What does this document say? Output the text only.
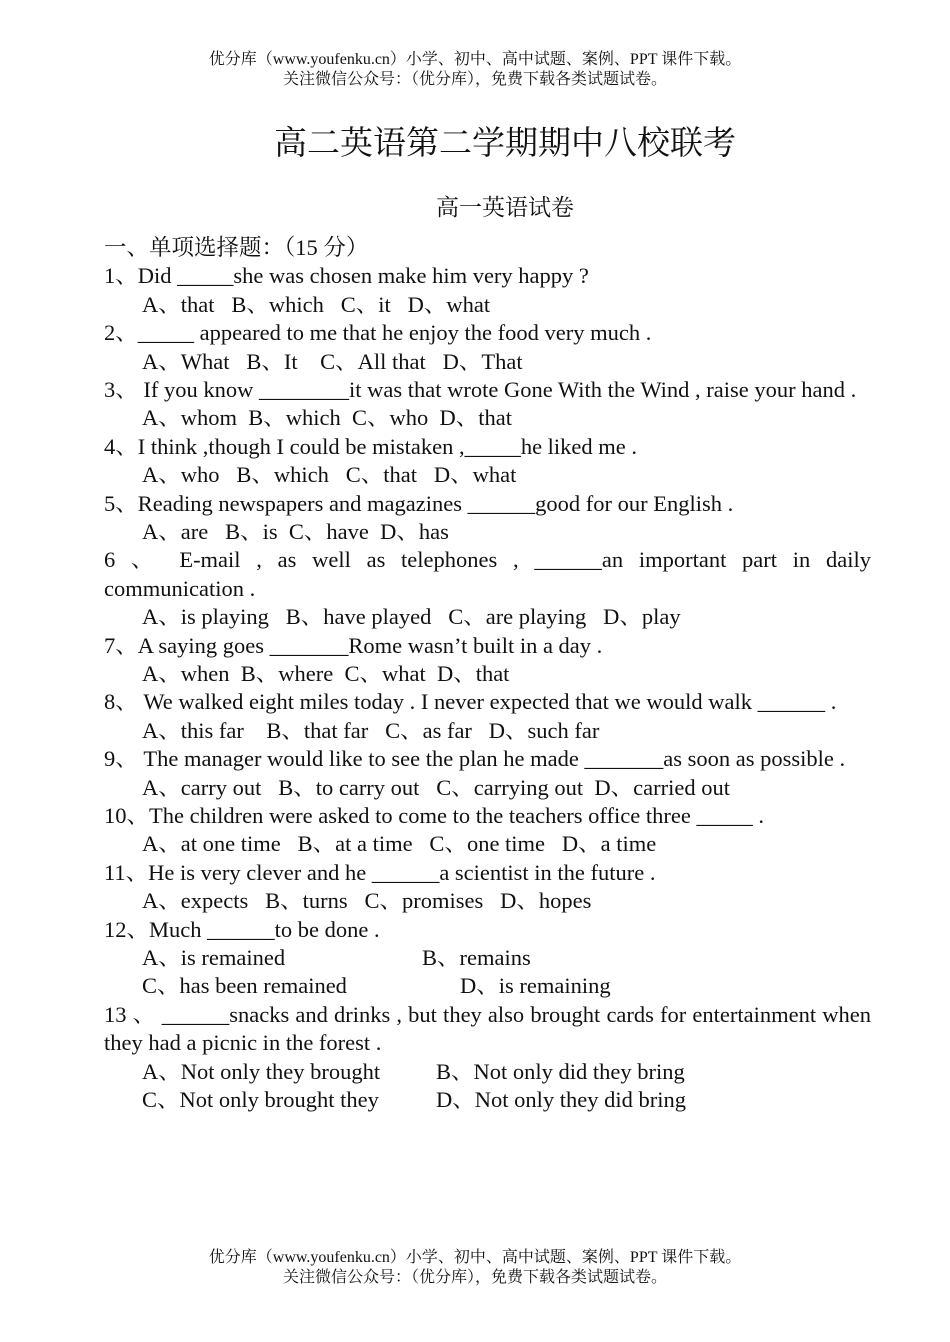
优分库（www.youfenku.cn）小学、初中、高中试题、案例、PPT 课件下载。
关注微信公众号：（优分库），免费下载各类试题试卷。
高二英语第二学期期中八校联考
高一英语试卷
一、单项选择题：（15 分）
1、Did _____she was chosen make him very happy ?
A、that   B、which   C、it   D、what
2、_____ appeared to me that he enjoy the food very much .
A、What   B、It    C、All that   D、That
3、 If you know ________it was that wrote Gone With the Wind , raise your hand .
A、whom  B、which  C、who  D、that
4、I think ,though I could be mistaken ,_____he liked me .
A、who   B、which   C、that   D、what
5、Reading newspapers and magazines ______good for our English .
A、are   B、is  C、have  D、has
6 、 E-mail , as well as telephones , ______an important part in daily communication .
A、is playing   B、have played   C、are playing   D、play
7、A saying goes _______Rome wasn’t built in a day .
A、when  B、where  C、what  D、that
8、 We walked eight miles today . I never expected that we would walk ______ .
A、this far    B、that far   C、as far   D、such far
9、 The manager would like to see the plan he made _______as soon as possible .
A、carry out   B、to carry out   C、carrying out  D、carried out
10、The children were asked to come to the teachers office three _____ .
A、at one time   B、at a time   C、one time   D、a time
11、He is very clever and he ______a scientist in the future .
A、expects   B、turns   C、promises   D、hopes
12、Much ______to be done .
A、is remained	B、remains
C、has been remained	D、is remaining
13 、 ______snacks and drinks , but they also brought cards for entertainment when they had a picnic in the forest .
A、Not only they brought	B、Not only did they bring
C、Not only brought they	D、Not only they did bring
优分库（www.youfenku.cn）小学、初中、高中试题、案例、PPT 课件下载。
关注微信公众号：（优分库），免费下载各类试题试卷。
